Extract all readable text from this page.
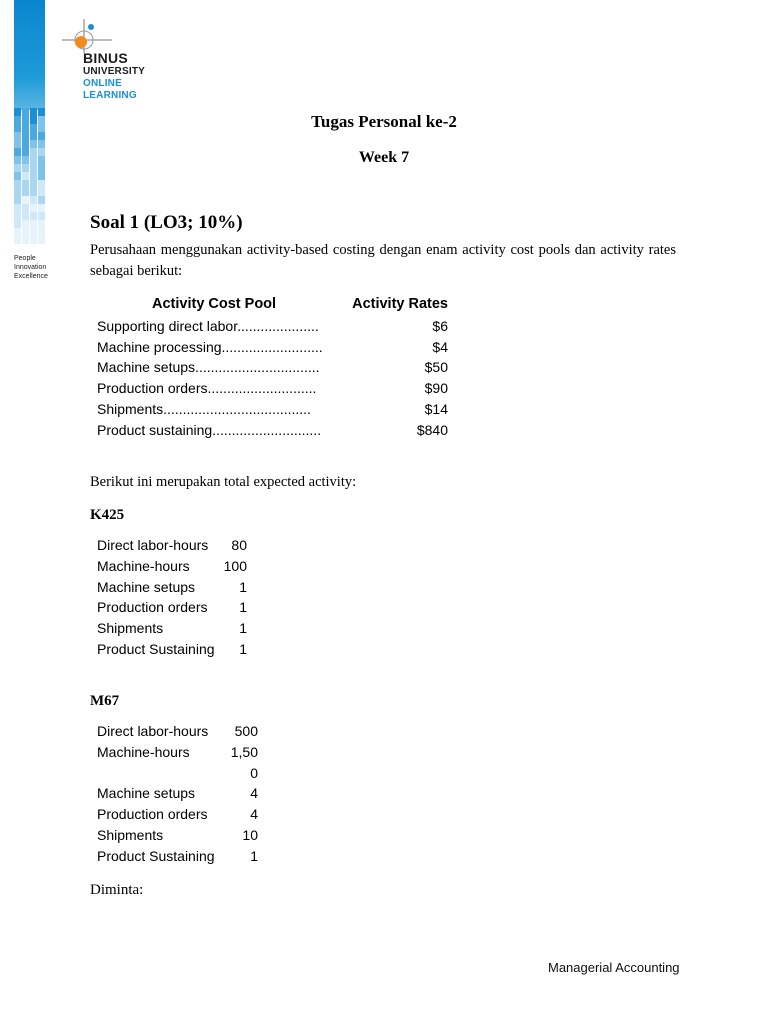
People
Innovation
Excellence
BINUS
UNIVERSITY
ONLINE
LEARNING
Tugas Personal ke-2
Week 7
Soal 1 (LO3; 10%)
Perusahaan menggunakan activity-based costing dengan enam activity cost pools dan activity rates sebagai berikut:
Activity Cost Pool	Activity Rates
Supporting direct labor.....................	$6
Machine processing..........................	$4
Machine setups................................	$50
Production orders............................	$90
Shipments......................................	$14
Product sustaining............................	$840
Berikut ini merupakan total expected activity:
K425
Direct labor-hours	80
Machine-hours	100
Machine setups	1
Production orders	1
Shipments	1
Product Sustaining	1
M67
Direct labor-hours	500
Machine-hours	1,50
0
Machine setups	4
Production orders	4
Shipments	10
Product Sustaining	1
Diminta:
Managerial Accounting
